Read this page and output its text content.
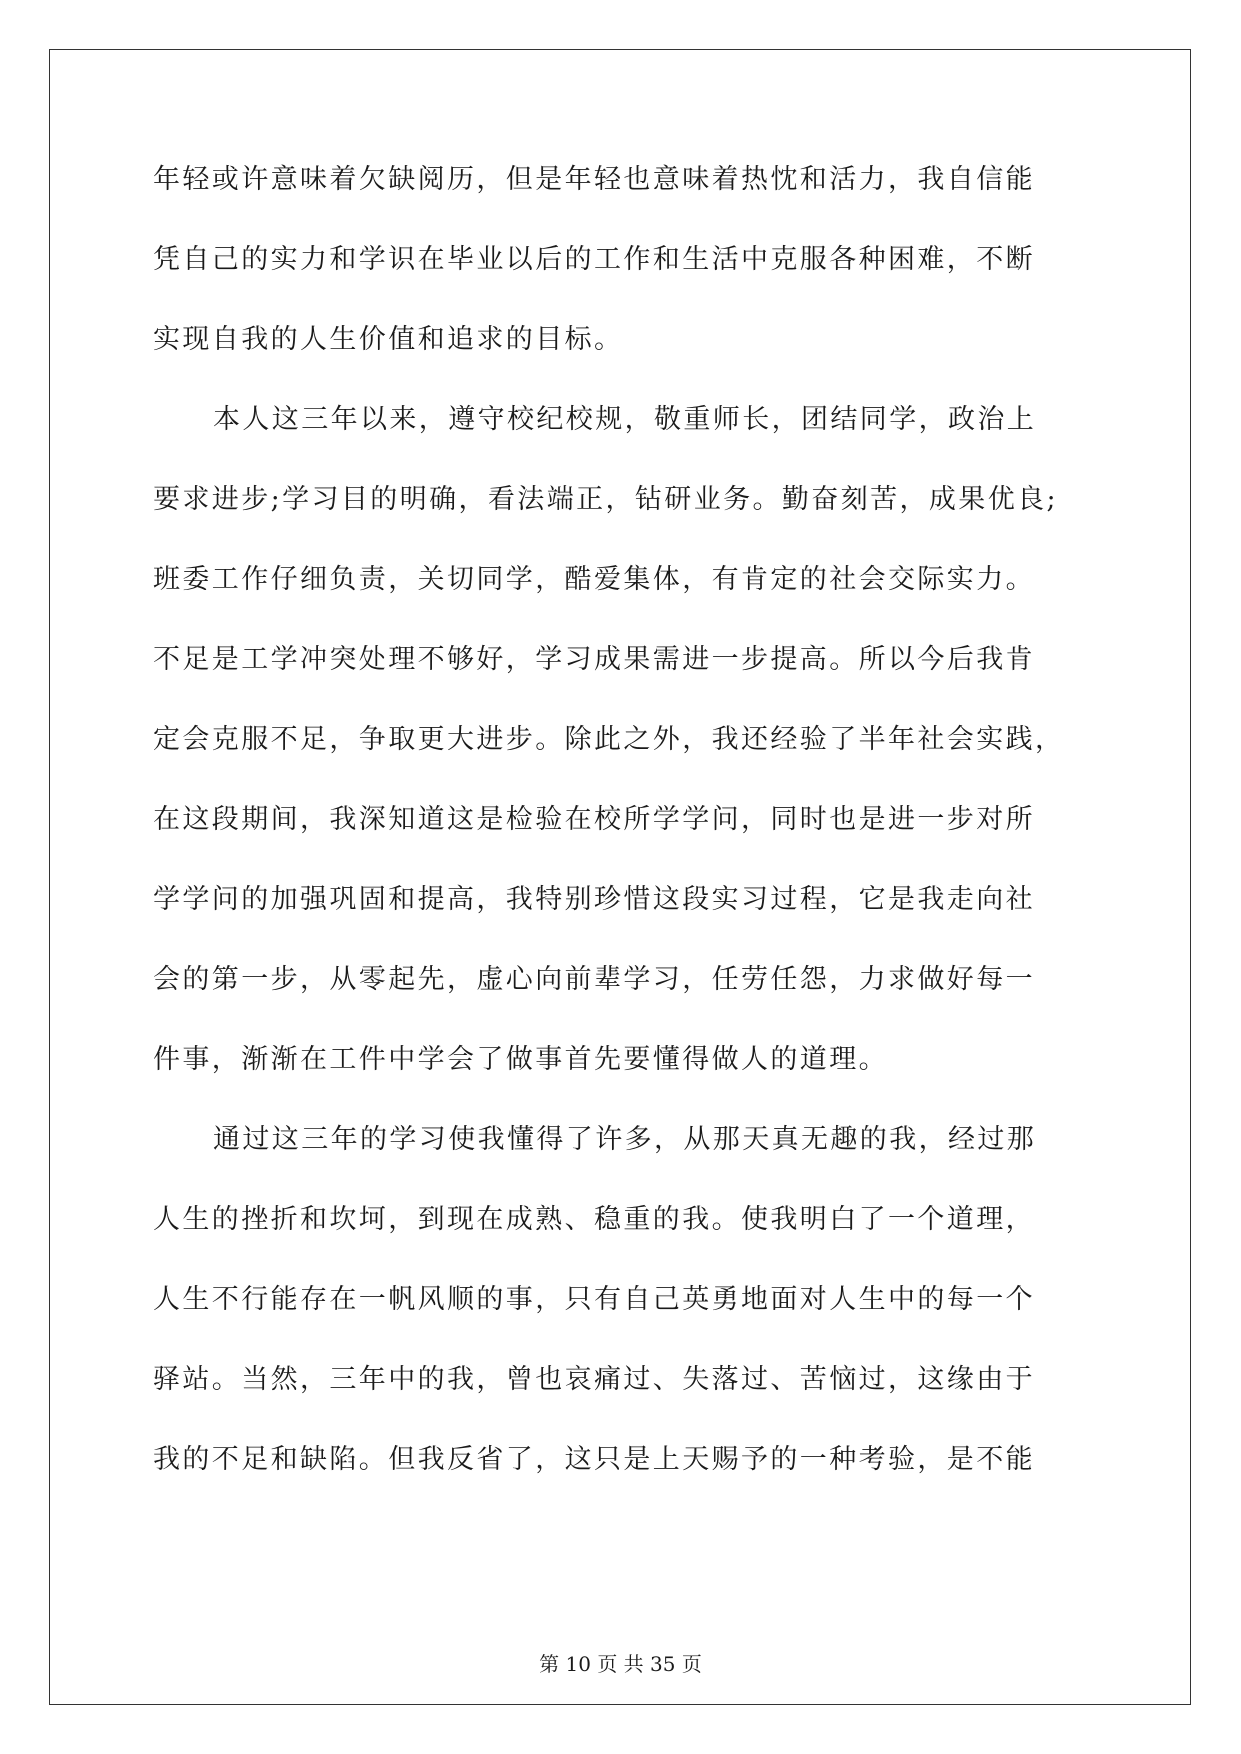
年轻或许意味着欠缺阅历，但是年轻也意味着热忱和活力，我自信能
凭自己的实力和学识在毕业以后的工作和生活中克服各种困难，不断
实现自我的人生价值和追求的目标。
本人这三年以来，遵守校纪校规，敬重师长，团结同学，政治上
要求进步;学习目的明确，看法端正，钻研业务。勤奋刻苦，成果优良;
班委工作仔细负责，关切同学，酷爱集体，有肯定的社会交际实力。
不足是工学冲突处理不够好，学习成果需进一步提高。所以今后我肯
定会克服不足，争取更大进步。除此之外，我还经验了半年社会实践，
在这段期间，我深知道这是检验在校所学学问，同时也是进一步对所
学学问的加强巩固和提高，我特别珍惜这段实习过程，它是我走向社
会的第一步，从零起先，虚心向前辈学习，任劳任怨，力求做好每一
件事，渐渐在工件中学会了做事首先要懂得做人的道理。
通过这三年的学习使我懂得了许多，从那天真无趣的我，经过那
人生的挫折和坎坷，到现在成熟、稳重的我。使我明白了一个道理，
人生不行能存在一帆风顺的事，只有自己英勇地面对人生中的每一个
驿站。当然，三年中的我，曾也哀痛过、失落过、苦恼过，这缘由于
我的不足和缺陷。但我反省了，这只是上天赐予的一种考验，是不能
第 10 页 共 35 页
